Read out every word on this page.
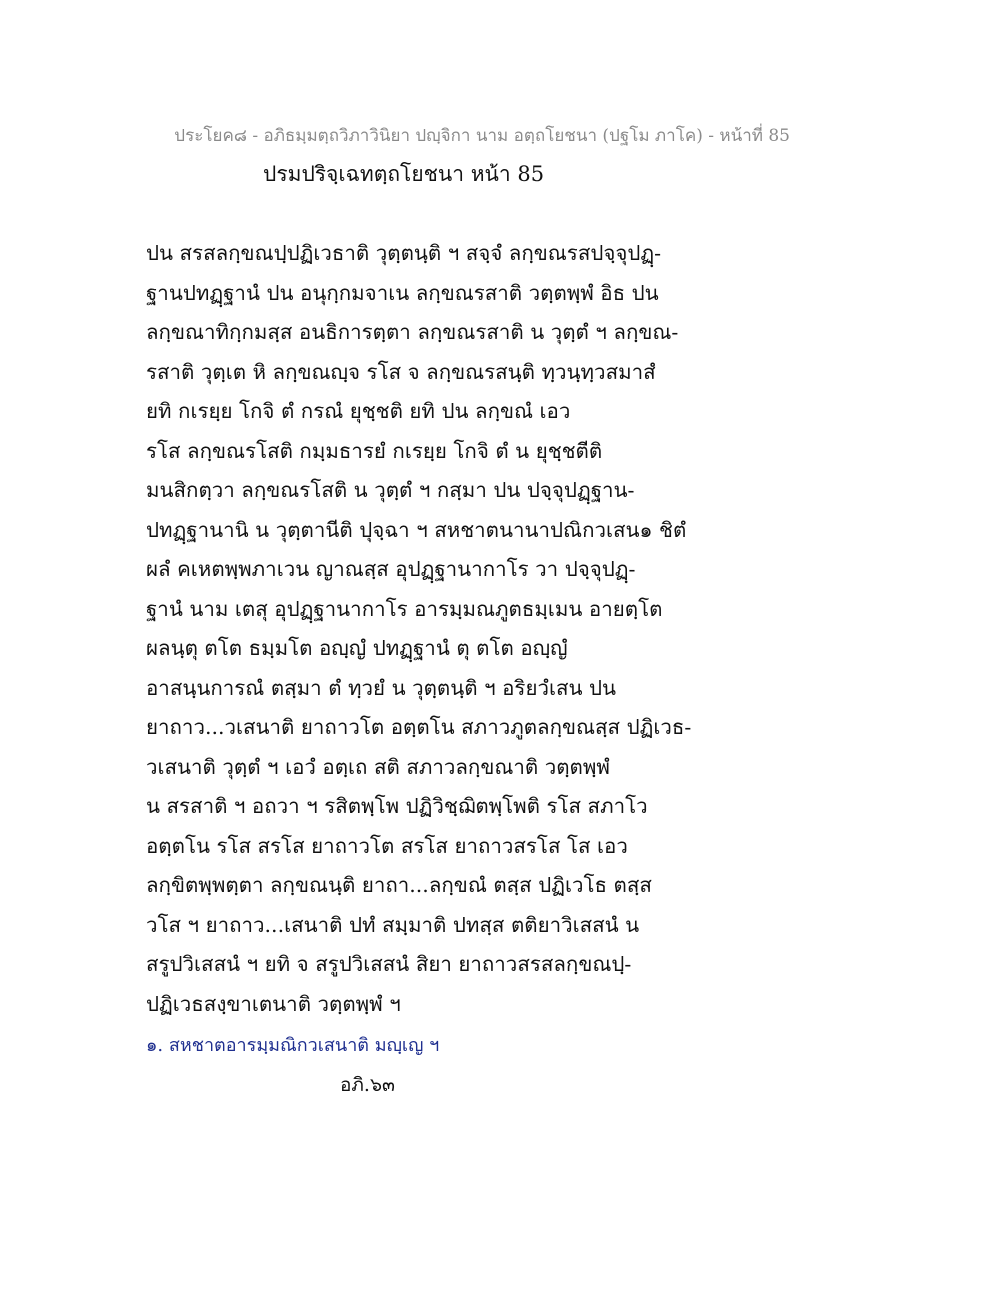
ประโยค๘ - อภิธมฺมตฺถวิภาวินิยา ปญฺจิกา นาม อตฺถโยชนา (ปฐโม ภาโค) - หน้าที่ 85
ปรมปริจฺเฉทตฺถโยชนา หน้า 85
ปน สรสลกฺขณปฺปฏิเวธาติ วุตฺตนฺติ ฯ สจฺจํ ลกฺขณรสปจฺจุปฏฺ-
ฐานปทฏฺฐานํ ปน อนุกฺกมจาเน ลกฺขณรสาติ วตฺตพฺพํ อิธ ปน
ลกฺขณาทิกฺกมสฺส อนธิการตฺตา ลกฺขณรสาติ น วุตฺตํ ฯ ลกฺขณ-
รสาติ วุตฺเต หิ ลกฺขณญฺจ รโส จ ลกฺขณรสนฺติ ทฺวนฺทฺวสมาสํ
ยทิ กเรยฺย โกจิ ตํ กรณํ ยุชฺชติ ยทิ ปน ลกฺขณํ เอว
รโส ลกฺขณรโสติ กมฺมธารยํ กเรยฺย โกจิ ตํ น ยุชฺชตีติ
มนสิกตฺวา ลกฺขณรโสติ น วุตฺตํ ฯ กสฺมา ปน ปจฺจุปฏฺฐาน-
ปทฏฺฐานานิ น วุตฺตานีติ ปุจฺฉา ฯ สหชาตนานาปณิกวเสน๑ ชิตํ
ผลํ คเหตพฺพภาเวน ญาณสฺส อุปฏฺฐานากาโร วา ปจฺจุปฏฺ-
ฐานํ นาม เตสุ อุปฏฺฐานากาโร อารมฺมณภูตธมฺเมน อายตฺโต
ผลนฺตุ ตโต ธมฺมโต อญฺญํ ปทฏฺฐานํ ตุ ตโต อญฺญํ
อาสนฺนการณํ ตสฺมา ตํ ทฺวยํ น วุตฺตนฺติ ฯ อริยวํเสน ปน
ยาถาว...วเสนาติ ยาถาวโต อตฺตโน สภาวภูตลกฺขณสฺส ปฏิเวธ-
วเสนาติ วุตฺตํ ฯ เอวํ อตฺเถ สติ สภาวลกฺขณาติ วตฺตพฺพํ
น สรสาติ ฯ อถวา ฯ รสิตพฺโพ ปฏิวิชฺฌิตพฺโพติ รโส สภาโว
อตฺตโน รโส สรโส ยาถาวโต สรโส ยาถาวสรโส โส เอว
ลกฺขิตพฺพตฺตา ลกฺขณนฺติ ยาถา...ลกฺขณํ ตสฺส ปฏิเวโธ ตสฺส
วโส ฯ ยาถาว...เสนาติ ปทํ สมฺมาติ ปทสฺส ตติยาวิเสสนํ น
สรูปวิเสสนํ ฯ ยทิ จ สรูปวิเสสนํ สิยา ยาถาวสรสลกฺขณปฺ-
ปฏิเวธสงฺขาเตนาติ วตฺตพฺพํ ฯ
๑. สหชาตอารมฺมณิกวเสนาติ มญฺเญ ฯ
อภิ.๖๓
